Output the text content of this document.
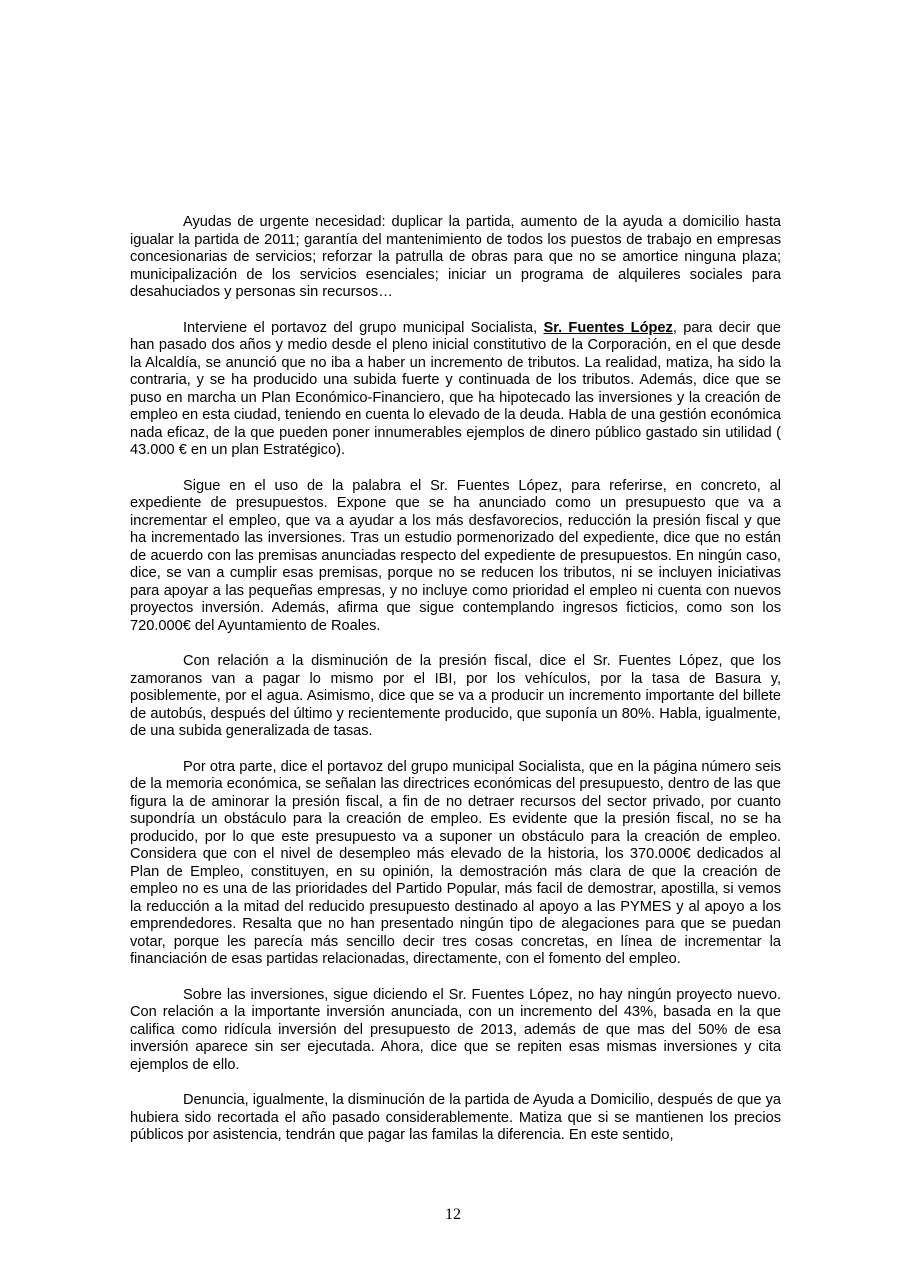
Ayudas de urgente necesidad: duplicar la partida, aumento de la ayuda a domicilio hasta igualar la partida de 2011; garantía del mantenimiento de todos los puestos de trabajo en empresas concesionarias de servicios; reforzar la patrulla de obras para que no se amortice ninguna plaza; municipalización de los servicios esenciales; iniciar un programa de alquileres sociales para desahuciados y personas sin recursos…

Interviene el portavoz del grupo municipal Socialista, Sr. Fuentes López, para decir que han pasado dos años y medio desde el pleno inicial constitutivo de la Corporación, en el que desde la Alcaldía, se anunció que no iba a haber un incremento de tributos. La realidad, matiza, ha sido la contraria, y se ha producido una subida fuerte y continuada de los tributos. Además, dice que se puso en marcha un Plan Económico-Financiero, que ha hipotecado las inversiones y la creación de empleo en esta ciudad, teniendo en cuenta lo elevado de la deuda. Habla de una gestión económica nada eficaz, de la que pueden poner innumerables ejemplos de dinero público gastado sin utilidad ( 43.000 € en un plan Estratégico).

Sigue en el uso de la palabra el Sr. Fuentes López, para referirse, en concreto, al expediente de presupuestos. Expone que se ha anunciado como un presupuesto que va a incrementar el empleo, que va a ayudar a los más desfavorecios, reducción la presión fiscal y que ha incrementado las inversiones. Tras un estudio pormenorizado del expediente, dice que no están de acuerdo con las premisas anunciadas respecto del expediente de presupuestos. En ningún caso, dice, se van a cumplir esas premisas, porque no se reducen los tributos, ni se incluyen iniciativas para apoyar a las pequeñas empresas, y no incluye como prioridad el empleo ni cuenta con nuevos proyectos inversión. Además, afirma que sigue contemplando ingresos ficticios, como son los 720.000€ del Ayuntamiento de Roales.

Con relación a la disminución de la presión fiscal, dice el Sr. Fuentes López, que los zamoranos van a pagar lo mismo por el IBI, por los vehículos, por la tasa de Basura y, posiblemente, por el agua. Asimismo, dice que se va a producir un incremento importante del billete de autobús, después del último y recientemente producido, que suponía un 80%. Habla, igualmente, de una subida generalizada de tasas.

Por otra parte, dice el portavoz del grupo municipal Socialista, que en la página número seis de la memoria económica, se señalan las directrices económicas del presupuesto, dentro de las que figura la de aminorar la presión fiscal, a fin de no detraer recursos del sector privado, por cuanto supondría un obstáculo para la creación de empleo. Es evidente que la presión fiscal, no se ha producido, por lo que este presupuesto va a suponer un obstáculo para la creación de empleo. Considera que con el nivel de desempleo más elevado de la historia, los 370.000€ dedicados al Plan de Empleo, constituyen, en su opinión, la demostración más clara de que la creación de empleo no es una de las prioridades del Partido Popular, más facil de demostrar, apostilla, si vemos la reducción a la mitad del reducido presupuesto destinado al apoyo a las PYMES y al apoyo a los emprendedores. Resalta que no han presentado ningún tipo de alegaciones para que se puedan votar, porque les parecía más sencillo decir tres cosas concretas, en línea de incrementar la financiación de esas partidas relacionadas, directamente, con el fomento del empleo.

Sobre las inversiones, sigue diciendo el Sr. Fuentes López, no hay ningún proyecto nuevo. Con relación a la importante inversión anunciada, con un incremento del 43%, basada en la que califica como ridícula inversión del presupuesto de 2013, además de que mas del 50% de esa inversión aparece sin ser ejecutada. Ahora, dice que se repiten esas mismas inversiones y cita ejemplos de ello.

Denuncia, igualmente, la disminución de la partida de Ayuda a Domicilio, después de que ya hubiera sido recortada el año pasado considerablemente. Matiza que si se mantienen los precios públicos por asistencia, tendrán que pagar las familas la diferencia. En este sentido,

12
